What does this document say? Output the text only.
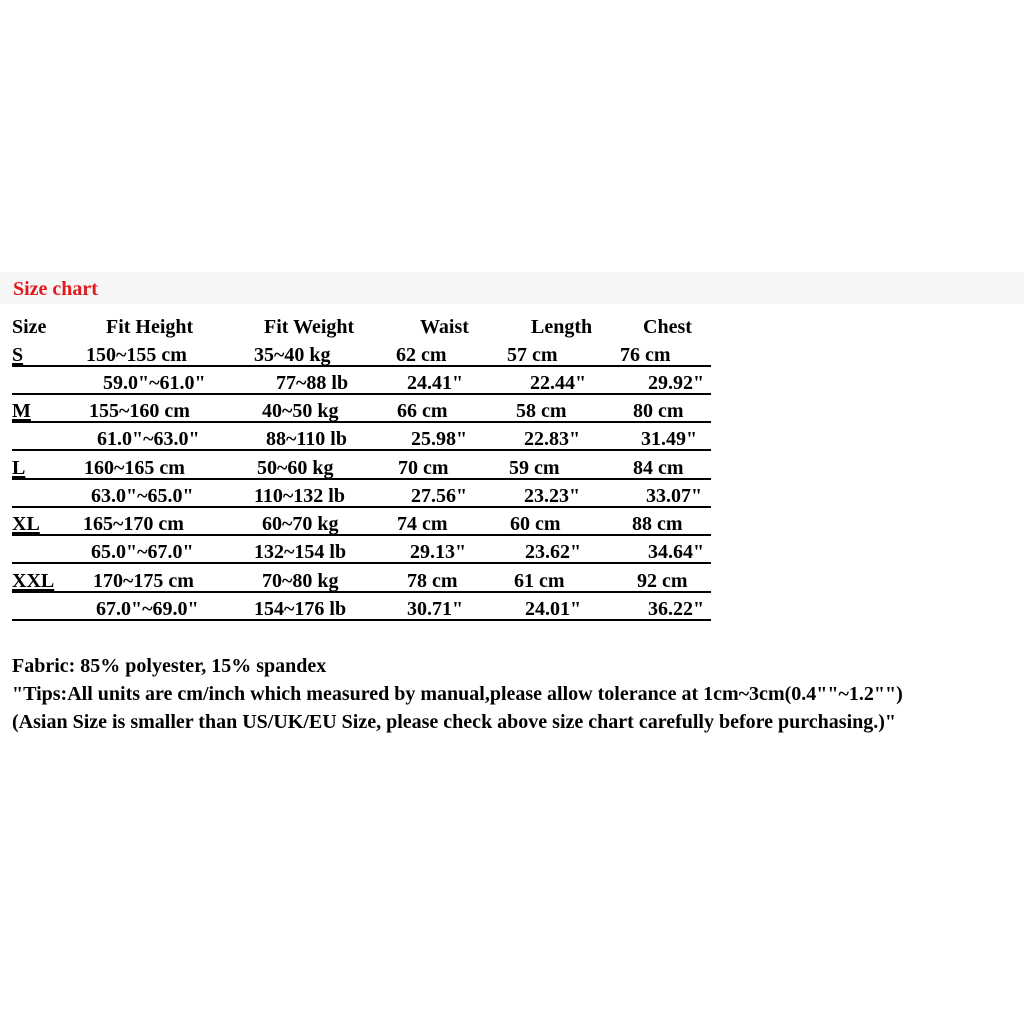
Size chart
Size	Fit Height	Fit Weight	Waist	Length	Chest
S	150~155 cm	35~40 kg	62 cm	57 cm	76 cm
59.0"~61.0"	77~88 lb	24.41"	22.44"	29.92"
M	155~160 cm	40~50 kg	66 cm	58 cm	80 cm
61.0"~63.0"	88~110 lb	25.98"	22.83"	31.49"
L	160~165 cm	50~60 kg	70 cm	59 cm	84 cm
63.0"~65.0"	110~132 lb	27.56"	23.23"	33.07"
XL 165~170 cm	60~70 kg	74 cm	60 cm	88 cm
65.0"~67.0"	132~154 lb	29.13"	23.62"	34.64"
XXL 170~175 cm	70~80 kg	78 cm	61 cm	92 cm
67.0"~69.0"	154~176 lb	30.71"	24.01"	36.22"
Fabric: 85% polyester, 15% spandex
"Tips:All units are cm/inch which measured by manual,please allow tolerance at 1cm~3cm(0.4""~1.2"")
(Asian Size is smaller than US/UK/EU Size, please check above size chart carefully before purchasing.)"
